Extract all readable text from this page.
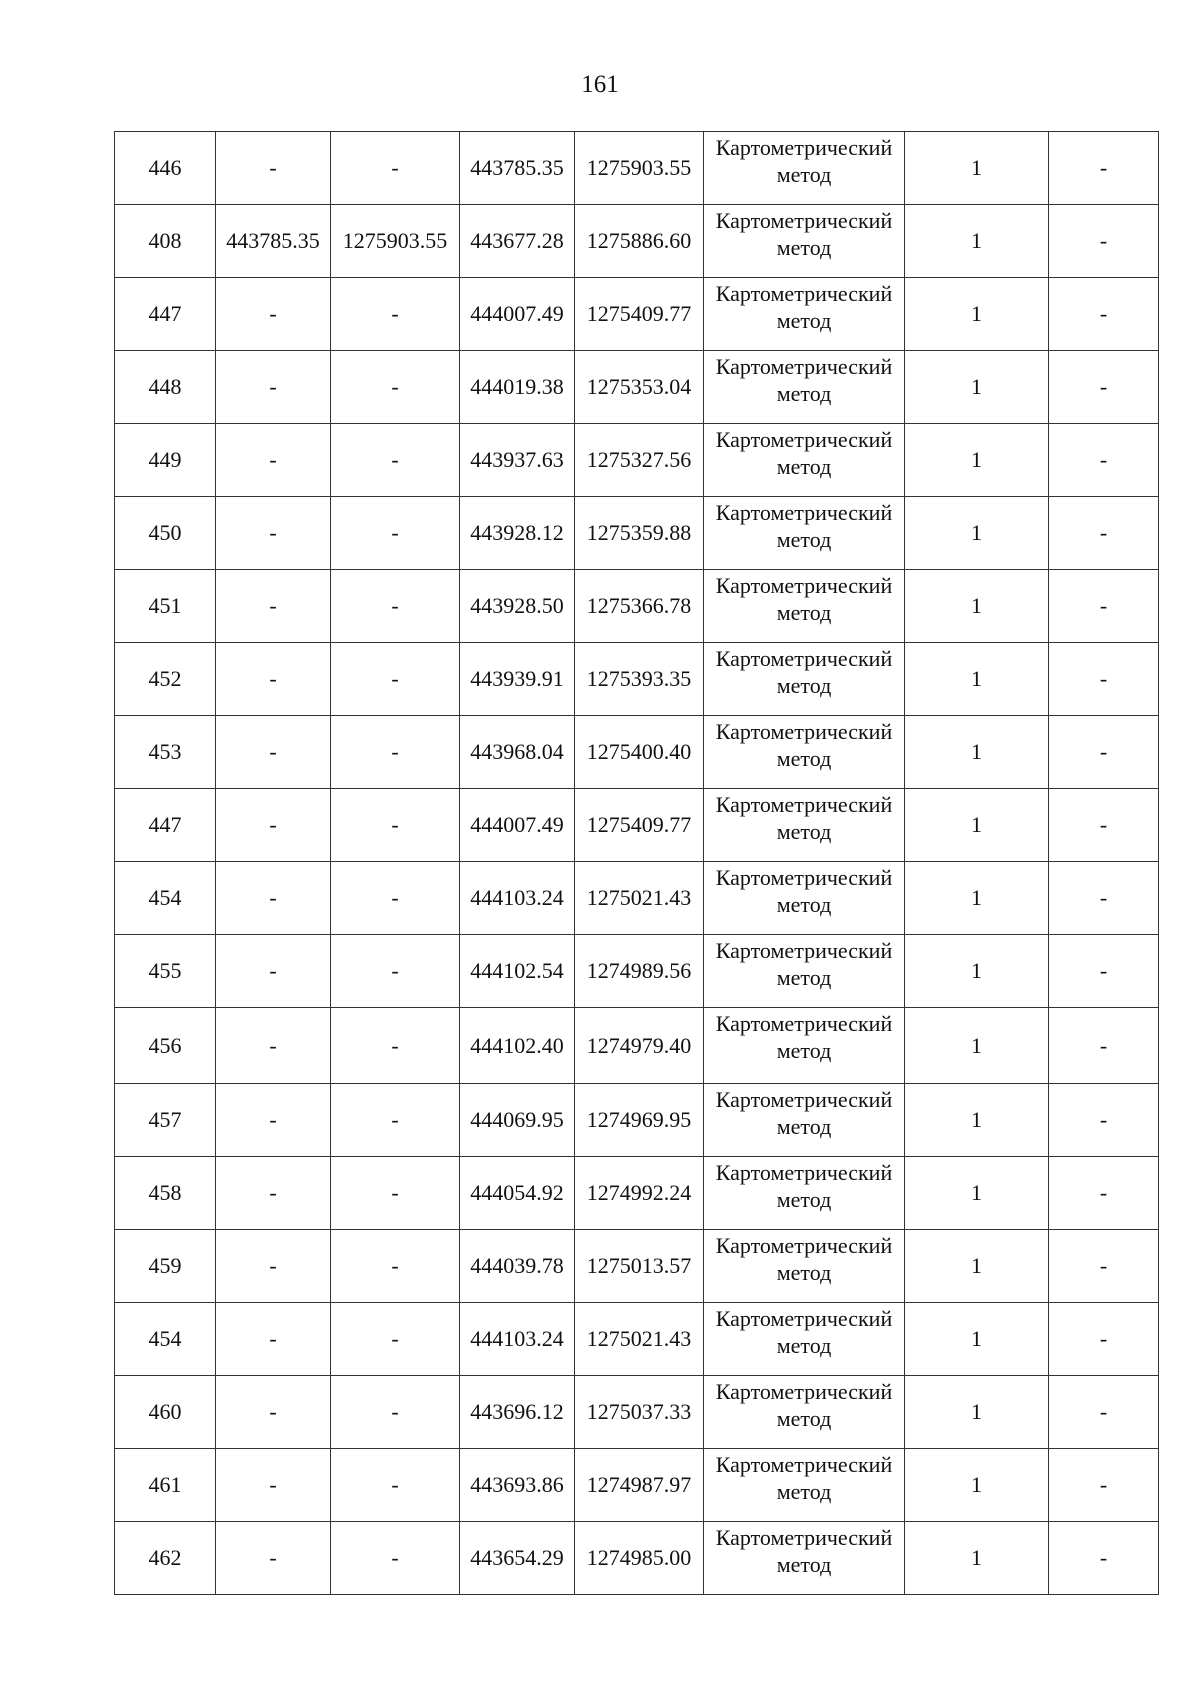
161
446	-	-	443785.35	1275903.55	Картометрический метод	1	-
408	443785.35	1275903.55	443677.28	1275886.60	Картометрический метод	1	-
447	-	-	444007.49	1275409.77	Картометрический метод	1	-
448	-	-	444019.38	1275353.04	Картометрический метод	1	-
449	-	-	443937.63	1275327.56	Картометрический метод	1	-
450	-	-	443928.12	1275359.88	Картометрический метод	1	-
451	-	-	443928.50	1275366.78	Картометрический метод	1	-
452	-	-	443939.91	1275393.35	Картометрический метод	1	-
453	-	-	443968.04	1275400.40	Картометрический метод	1	-
447	-	-	444007.49	1275409.77	Картометрический метод	1	-
454	-	-	444103.24	1275021.43	Картометрический метод	1	-
455	-	-	444102.54	1274989.56	Картометрический метод	1	-
456	-	-	444102.40	1274979.40	Картометрический метод	1	-
457	-	-	444069.95	1274969.95	Картометрический метод	1	-
458	-	-	444054.92	1274992.24	Картометрический метод	1	-
459	-	-	444039.78	1275013.57	Картометрический метод	1	-
454	-	-	444103.24	1275021.43	Картометрический метод	1	-
460	-	-	443696.12	1275037.33	Картометрический метод	1	-
461	-	-	443693.86	1274987.97	Картометрический метод	1	-
462	-	-	443654.29	1274985.00	Картометрический метод	1	-
